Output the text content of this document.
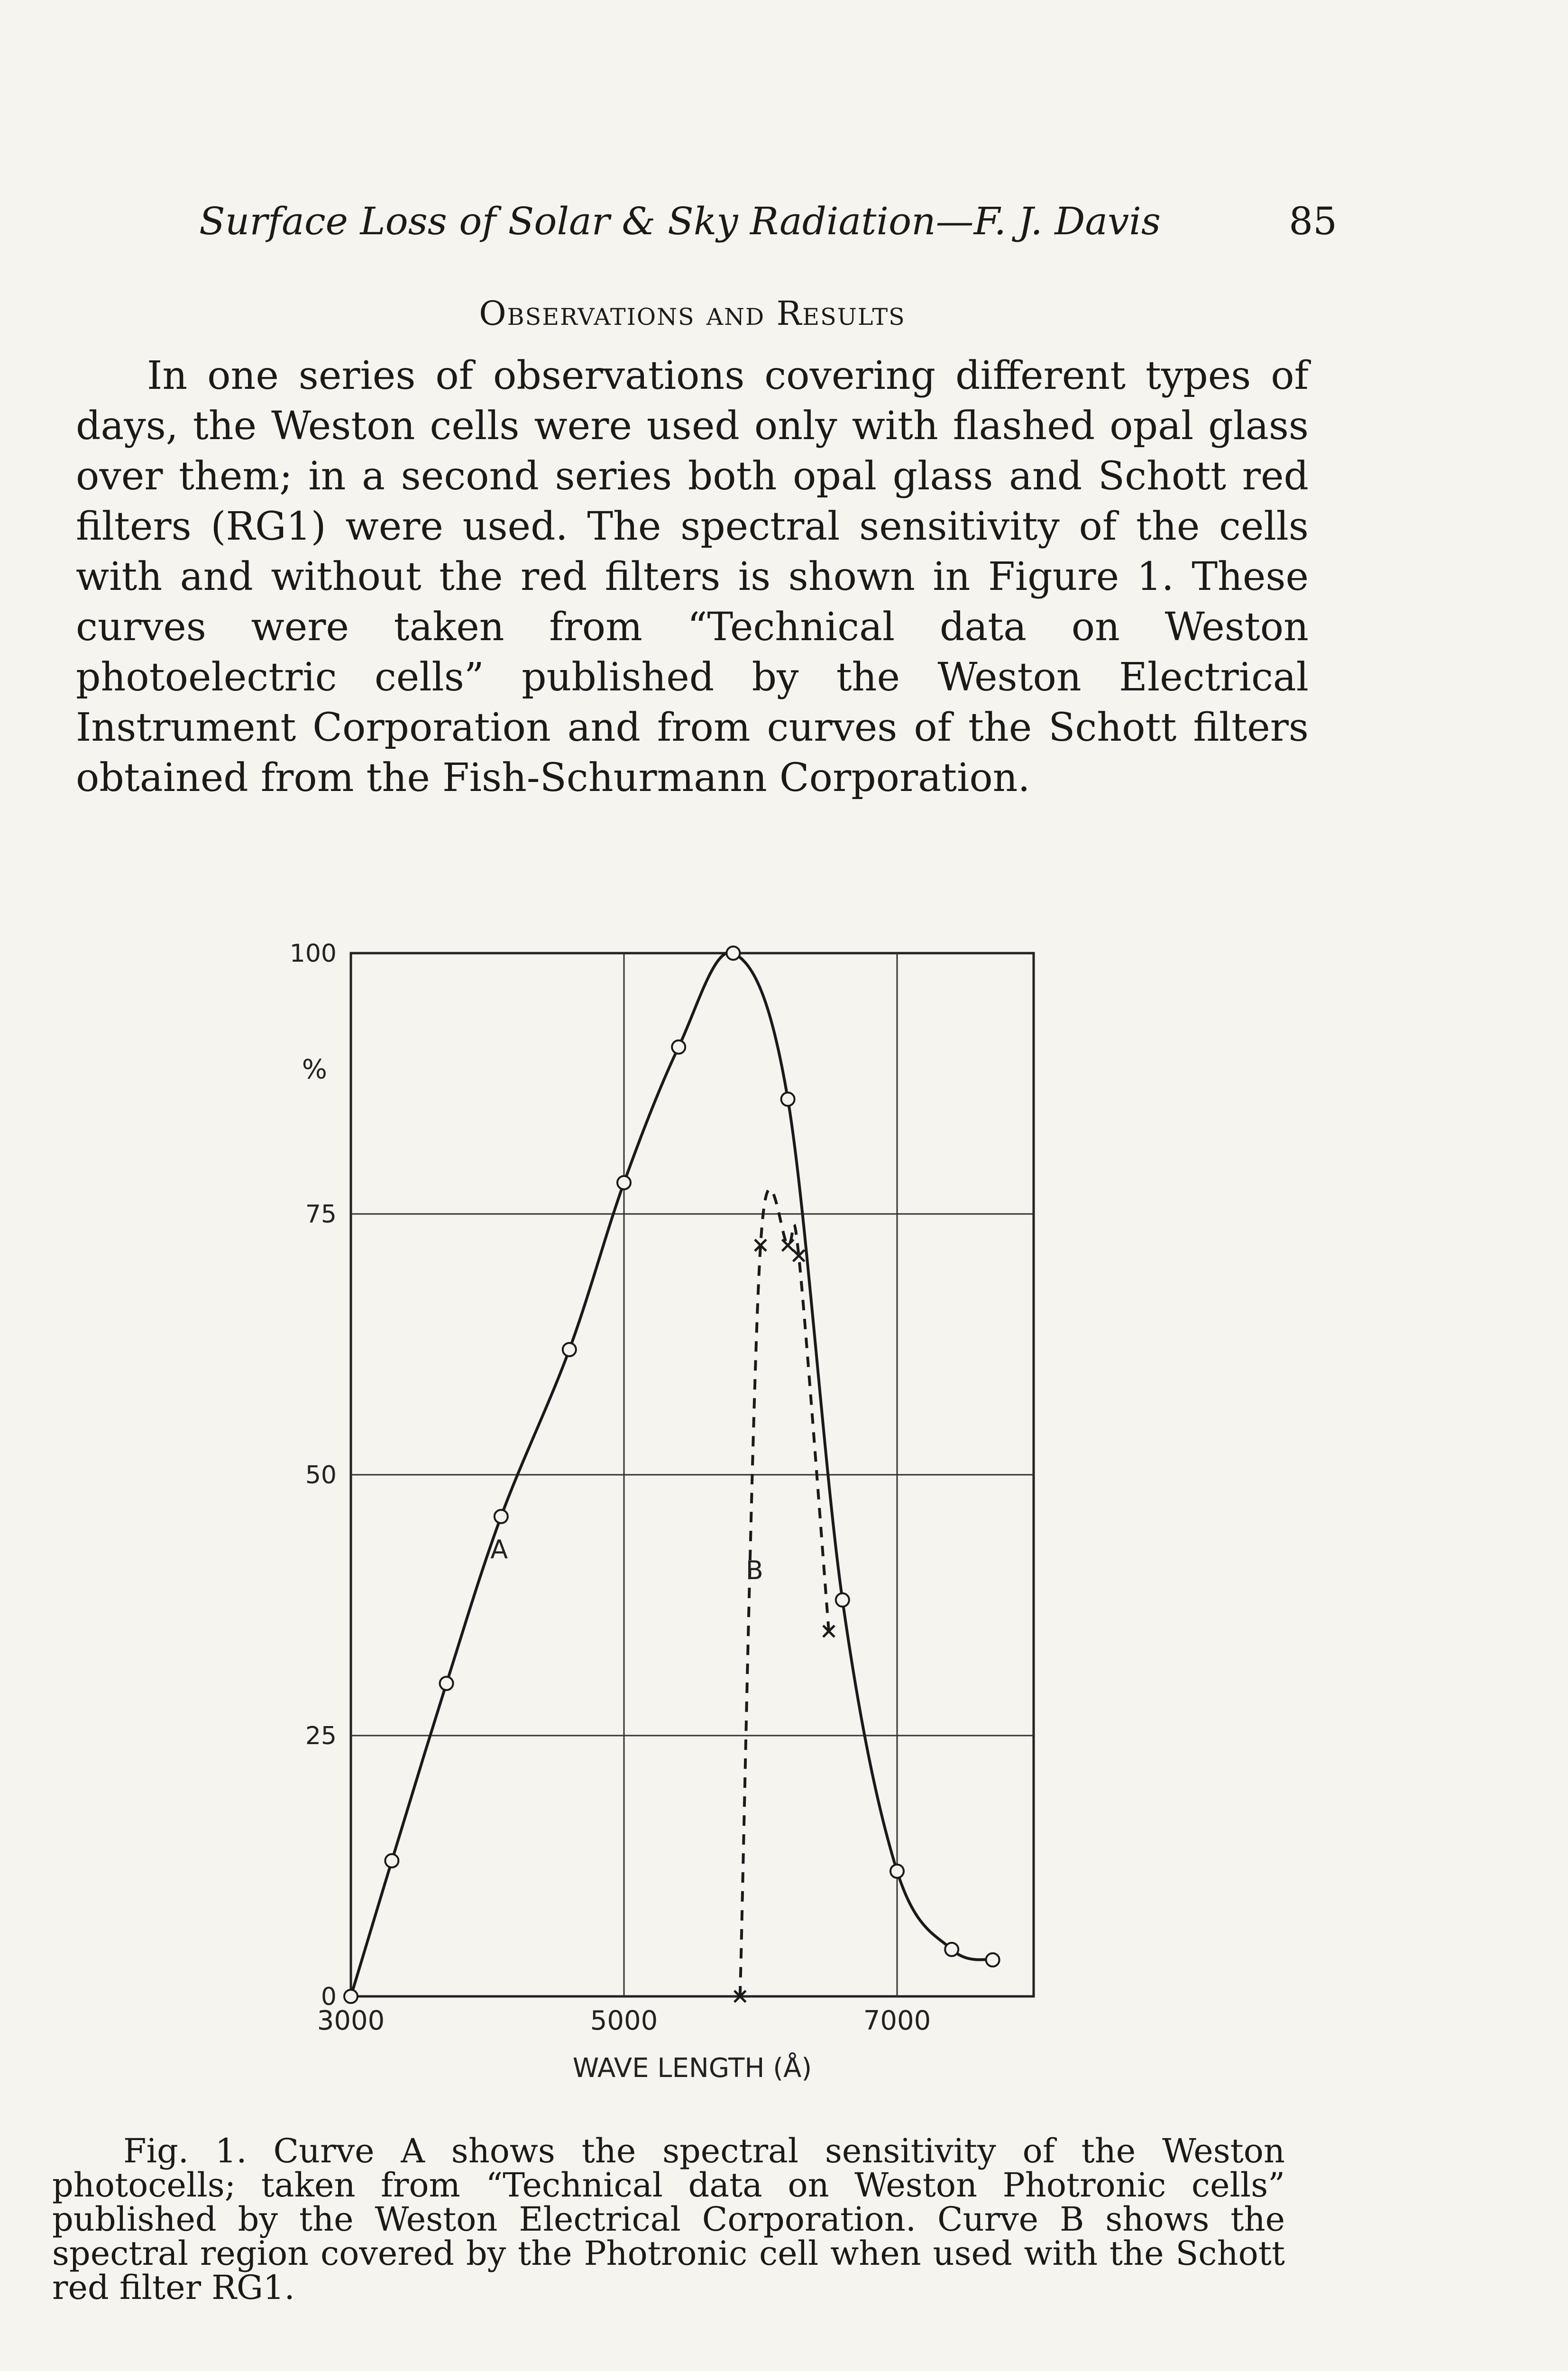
Surface Loss of Solar & Sky Radiation—F. J. Davis	85
Observations and Results

In one series of observations covering different types of days, the Weston cells were used only with flashed opal glass over them; in a second series both opal glass and Schott red filters (RG1) were used. The spectral sensitivity of the cells with and without the red filters is shown in Figure 1. These curves were taken from “Technical data on Weston photoelectric cells” published by the Weston Electrical Instrument Corporation and from curves of the Schott filters obtained from the Fish-Schurmann Corporation.

0
25
50
75
100
3000	5000	7000
%
WAVE LENGTH (Å)
A
B

Fig. 1. Curve A shows the spectral sensitivity of the Weston photocells; taken from “Technical data on Weston Photronic cells” published by the Weston Electrical Corporation. Curve B shows the spectral region covered by the Photronic cell when used with the Schott red filter RG1.
